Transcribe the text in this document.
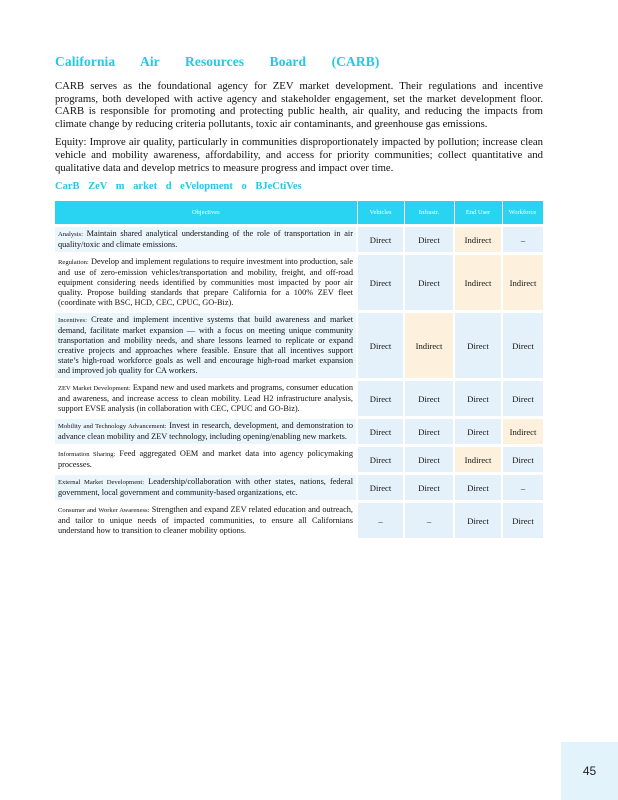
California Air Resources Board (CARB)

CARB serves as the foundational agency for ZEV market development. Their regulations and incentive programs, both developed with active agency and stakeholder engagement, set the market development floor. CARB is responsible for promoting and protecting public health, air quality, and reducing the impacts from climate change by reducing criteria pollutants, toxic air contaminants, and greenhouse gas emissions.

Equity: Improve air quality, particularly in communities disproportionately impacted by pollution; increase clean vehicle and mobility awareness, affordability, and access for priority communities; collect quantitative and qualitative data and develop metrics to measure progress and impact over time.

CarB ZeV m arket d eVelopment o BJeCtiVes
Objectives	Vehicles	Infrastr.	End User	Workforce
Analysis: Maintain shared analytical understanding of the role of transportation in air quality/toxic and climate emissions.	Direct	Direct	Indirect	–
Regulation: Develop and implement regulations to require investment into production, sale and use of zero-emission vehicles/transportation and mobility, freight, and off-road equipment considering needs identified by communities most impacted by poor air quality. Propose building standards that prepare California for a 100% ZEV fleet (coordinate with BSC, HCD, CEC, CPUC, GO-Biz).	Direct	Direct	Indirect	Indirect
Incentives: Create and implement incentive systems that build awareness and market demand, facilitate market expansion — with a focus on meeting unique community transportation and mobility needs, and share lessons learned to replicate or expand creative projects and approaches where feasible. Ensure that all incentives support state’s high-road workforce goals as well and encourage high-road market expansion and improved job quality for CA workers.	Direct	Indirect	Direct	Direct
ZEV Market Development: Expand new and used markets and programs, consumer education and awareness, and increase access to clean mobility. Lead H2 infrastructure analysis, support EVSE analysis (in collaboration with CEC, CPUC and GO-Biz).	Direct	Direct	Direct	Direct
Mobility and Technology Advancement: Invest in research, development, and demonstration to advance clean mobility and ZEV technology, including opening/enabling new markets.	Direct	Direct	Direct	Indirect
Information Sharing: Feed aggregated OEM and market data into agency policymaking processes.	Direct	Direct	Indirect	Direct
External Market Development: Leadership/collaboration with other states, nations, federal government, local government and community-based organizations, etc.	Direct	Direct	Direct	–
Consumer and Worker Awareness: Strengthen and expand ZEV related education and outreach, and tailor to unique needs of impacted communities, to ensure all Californians understand how to transition to cleaner mobility options.	–	–	Direct	Direct
45
